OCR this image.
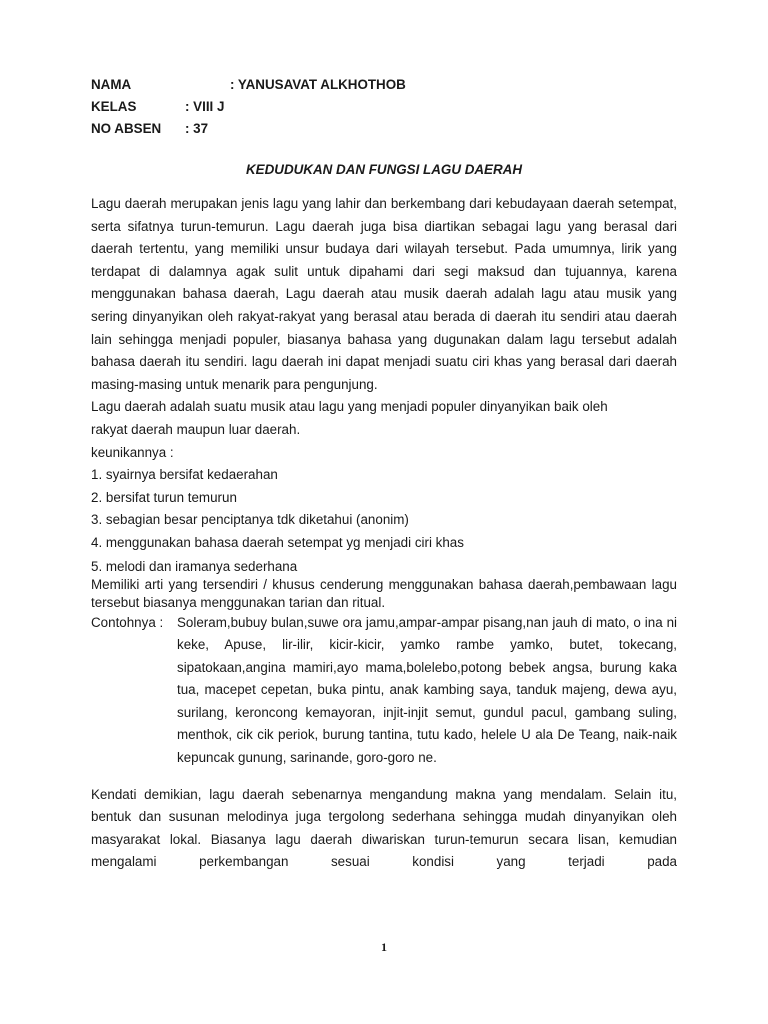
NAMA	: YANUSAVAT ALKHOTHOB
KELAS	: VIII J
NO ABSEN : 37
KEDUDUKAN DAN FUNGSI LAGU DAERAH

Lagu daerah merupakan jenis lagu yang lahir dan berkembang dari kebudayaan daerah setempat, serta sifatnya turun-temurun. Lagu daerah juga bisa diartikan sebagai lagu yang berasal dari daerah tertentu, yang memiliki unsur budaya dari wilayah tersebut. Pada umumnya, lirik yang terdapat di dalamnya agak sulit untuk dipahami dari segi maksud dan tujuannya, karena menggunakan bahasa daerah, Lagu daerah atau musik daerah adalah lagu atau musik yang sering dinyanyikan oleh rakyat-rakyat yang berasal atau berada di daerah itu sendiri atau daerah lain sehingga menjadi populer, biasanya bahasa yang dugunakan dalam lagu tersebut adalah bahasa daerah itu sendiri. lagu daerah ini dapat menjadi suatu ciri khas yang berasal dari daerah masing-masing untuk menarik para pengunjung.

Lagu daerah adalah suatu musik atau lagu yang menjadi populer dinyanyikan baik oleh

rakyat daerah maupun luar daerah.

keunikannya :

1. syairnya bersifat kedaerahan

2. bersifat turun temurun

3. sebagian besar penciptanya tdk diketahui (anonim)

4. menggunakan bahasa daerah setempat yg menjadi ciri khas

5. melodi dan iramanya sederhana

Memiliki arti yang tersendiri / khusus cenderung menggunakan bahasa daerah,pembawaan lagu tersebut biasanya menggunakan tarian dan ritual.

Contohnya : Soleram,bubuy bulan,suwe ora jamu,ampar-ampar pisang,nan jauh di mato, o ina ni keke, Apuse, lir-ilir, kicir-kicir, yamko rambe yamko, butet, tokecang, sipatokaan,angina mamiri,ayo mama,bolelebo,potong bebek angsa, burung kaka tua, macepet cepetan, buka pintu, anak kambing saya, tanduk majeng, dewa ayu, surilang, keroncong kemayoran, injit-injit semut, gundul pacul, gambang suling, menthok, cik cik periok, burung tantina, tutu kado, helele U ala De Teang, naik-naik kepuncak gunung, sarinande, goro-goro ne.

Kendati demikian, lagu daerah sebenarnya mengandung makna yang mendalam. Selain itu, bentuk dan susunan melodinya juga tergolong sederhana sehingga mudah dinyanyikan oleh masyarakat lokal. Biasanya lagu daerah diwariskan turun-temurun secara lisan, kemudian mengalami perkembangan sesuai kondisi yang terjadi pada

1
